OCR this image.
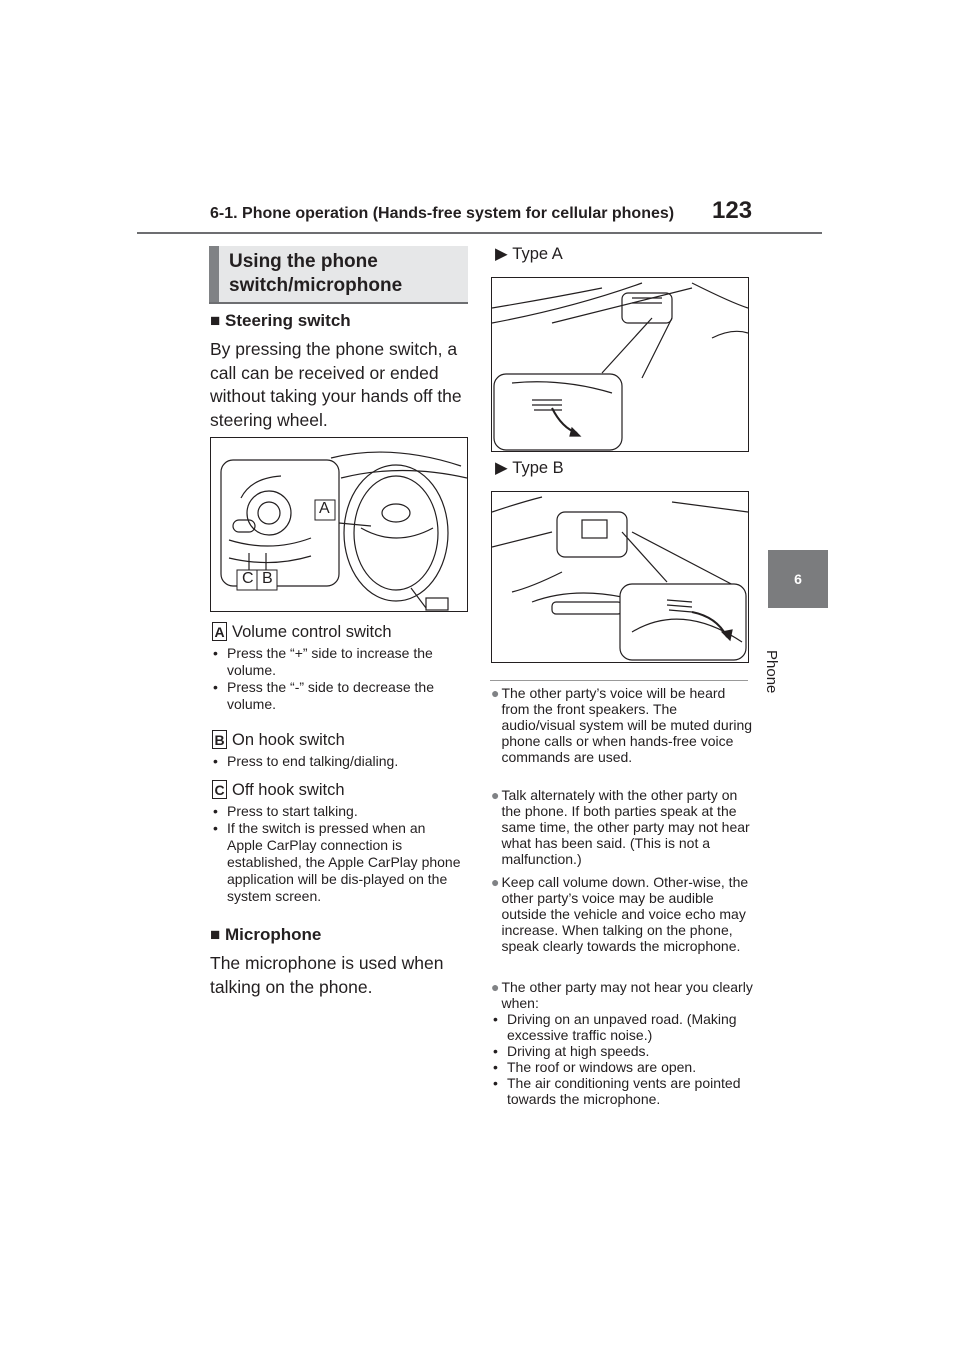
6-1. Phone operation (Hands-free system for cellular phones) 123
6
Phone
Using the phone
switch/microphone
■ Steering switch
By pressing the phone switch, a
call can be received or ended
without taking your hands off the
steering wheel.
A
C B
A Volume control switch
• Press the “+” side to increase the volume.
• Press the “-” side to decrease the volume.
B On hook switch
• Press to end talking/dialing.
C Off hook switch
• Press to start talking.
• If the switch is pressed when an Apple CarPlay connection is established, the Apple CarPlay phone application will be dis-played on the system screen.
■ Microphone
The microphone is used when
talking on the phone.
▶ Type A
▶ Type B
● The other party’s voice will be heard from the front speakers. The audio/visual system will be muted during phone calls or when hands-free voice commands are used.
● Talk alternately with the other party on the phone. If both parties speak at the same time, the other party may not hear what has been said. (This is not a malfunction.)
● Keep call volume down. Other-wise, the other party’s voice may be audible outside the vehicle and voice echo may increase. When talking on the phone, speak clearly towards the microphone.
● The other party may not hear you clearly when:
• Driving on an unpaved road. (Making excessive traffic noise.)
• Driving at high speeds.
• The roof or windows are open.
• The air conditioning vents are pointed towards the microphone.
